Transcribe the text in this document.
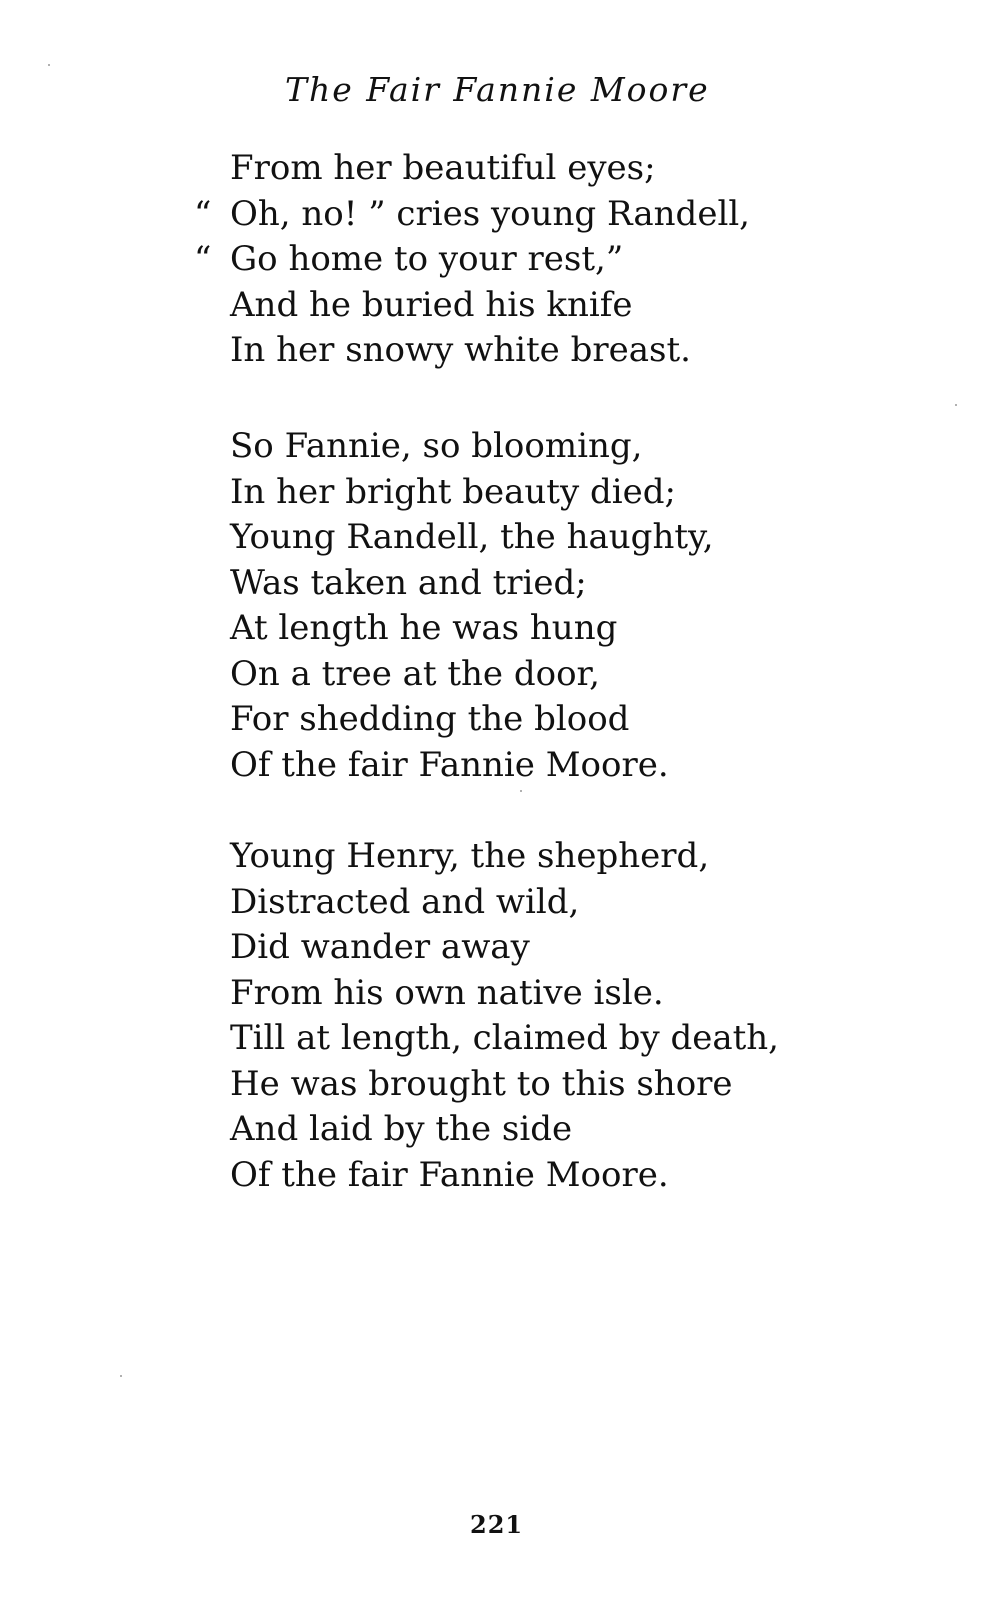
The Fair Fannie Moore
From her beautiful eyes;
“ Oh, no! ” cries young Randell,
“ Go home to your rest,”
And he buried his knife
In her snowy white breast.
So Fannie, so blooming,
In her bright beauty died;
Young Randell, the haughty,
Was taken and tried;
At length he was hung
On a tree at the door,
For shedding the blood
Of the fair Fannie Moore.
Young Henry, the shepherd,
Distracted and wild,
Did wander away
From his own native isle.
Till at length, claimed by death,
He was brought to this shore
And laid by the side
Of the fair Fannie Moore.
221
